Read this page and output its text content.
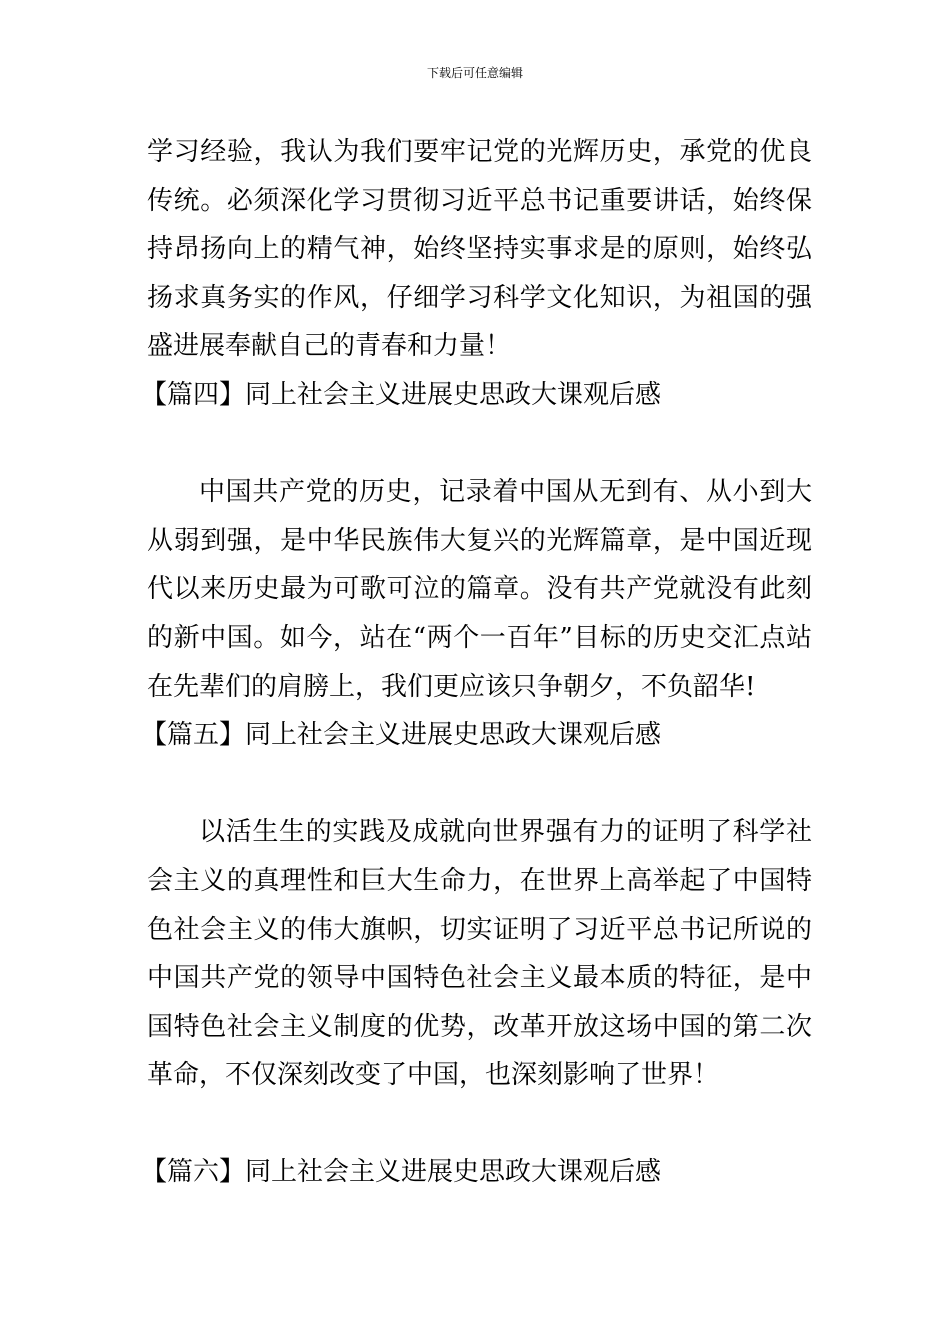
下载后可任意编辑

学习经验，我认为我们要牢记党的光辉历史，承党的优良传统。必须深化学习贯彻习近平总书记重要讲话，始终保持昂扬向上的精气神，始终坚持实事求是的原则，始终弘扬求真务实的作风，仔细学习科学文化知识，为祖国的强盛进展奉献自己的青春和力量！

【篇四】同上社会主义进展史思政大课观后感

中国共产党的历史，记录着中国从无到有、从小到大从弱到强，是中华民族伟大复兴的光辉篇章，是中国近现代以来历史最为可歌可泣的篇章。没有共产党就没有此刻的新中国。如今，站在“两个一百年”目标的历史交汇点站在先辈们的肩膀上，我们更应该只争朝夕，不负韶华!

【篇五】同上社会主义进展史思政大课观后感

以活生生的实践及成就向世界强有力的证明了科学社会主义的真理性和巨大生命力，在世界上高举起了中国特色社会主义的伟大旗帜，切实证明了习近平总书记所说的中国共产党的领导中国特色社会主义最本质的特征，是中国特色社会主义制度的优势，改革开放这场中国的第二次革命，不仅深刻改变了中国，也深刻影响了世界！

【篇六】同上社会主义进展史思政大课观后感
